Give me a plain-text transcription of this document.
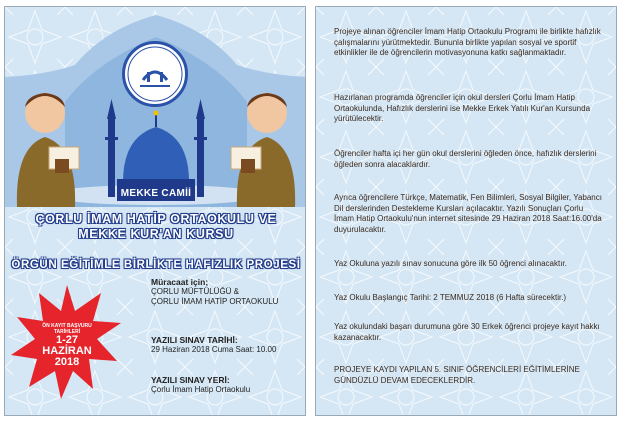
MEKKE CAMİİ
ÇORLU İMAM HATİP ORTAOKULU VE
MEKKE KUR'AN KURSU
ÖRGÜN EĞİTİMLE BİRLİKTE HAFIZLIK PROJESİ
ÖN KAYIT BAŞVURU TARİHLERİ
1-27 HAZİRAN
2018
Müracaat için;
ÇORLU MÜFTÜLÜĞÜ &
ÇORLU İMAM HATİP ORTAOKULU
YAZILI SINAV TARİHİ:
29 Haziran 2018 Cuma Saat: 10.00
YAZILI SINAV YERİ:
Çorlu İmam Hatip Ortaokulu
Projeye alınan öğrenciler İmam Hatip Ortaokulu Programı ile birlikte hafızlık çalışmalarını yürütmektedir. Bununla birlikte yapılan sosyal ve sportif etkinlikler ile de öğrencilerin motivasyonuna katkı sağlanmaktadır.
Hazırlanan programda öğrenciler için okul dersleri Çorlu İmam Hatip Ortaokulunda, Hafızlık derslerini ise Mekke Erkek Yatılı Kur'an Kursunda yürütülecektir.
Öğrenciler hafta içi her gün okul derslerini öğleden önce, hafızlık derslerini öğleden sonra alacaklardır.
Ayrıca öğrencilere Türkçe, Matematik, Fen Bilimleri, Sosyal Bilgiler, Yabancı Dil derslerinden Destekleme Kursları açılacaktır. Yazılı Sonuçları Çorlu İmam Hatip Ortaokulu'nun internet sitesinde 29 Haziran 2018 Saat:16.00'da duyurulacaktır.
Yaz Okuluna yazılı sınav sonucuna göre ilk 50 öğrenci alınacaktır.
Yaz Okulu Başlangıç Tarihi: 2 TEMMUZ 2018 (6 Hafta sürecektir.)
Yaz okulundaki başarı durumuna göre 30 Erkek öğrenci projeye kayıt hakkı kazanacaktır.
PROJEYE KAYDI YAPILAN 5. SINIF ÖĞRENCİLERİ EĞİTİMLERİNE GÜNDÜZLÜ DEVAM EDECEKLERDİR.
